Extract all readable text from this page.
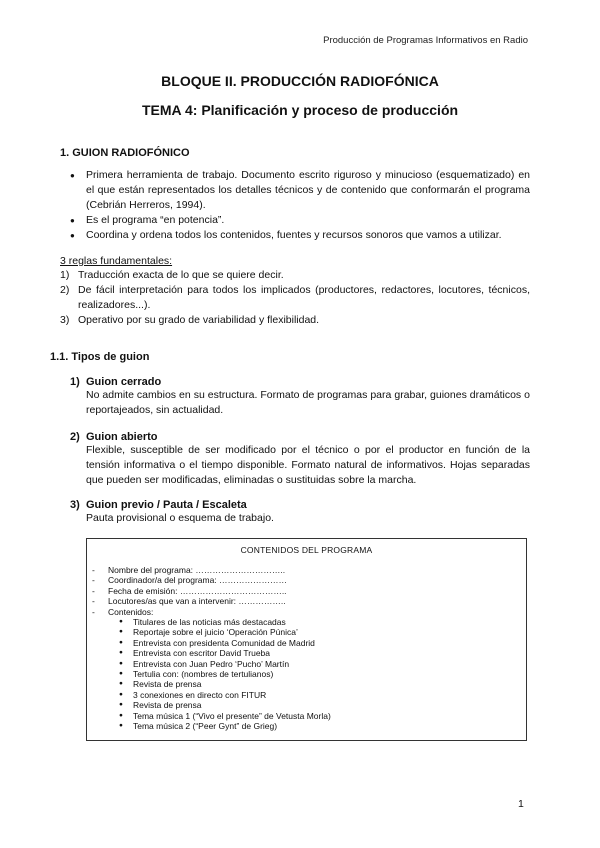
Producción de Programas Informativos en Radio
BLOQUE II. PRODUCCIÓN RADIOFÓNICA
TEMA 4: Planificación y proceso de producción
1. GUION RADIOFÓNICO
● Primera herramienta de trabajo. Documento escrito riguroso y minucioso (esquematizado) en el que están representados los detalles técnicos y de contenido que conformarán el programa (Cebrián Herreros, 1994).
● Es el programa “en potencia”.
● Coordina y ordena todos los contenidos, fuentes y recursos sonoros que vamos a utilizar.
3 reglas fundamentales:
1) Traducción exacta de lo que se quiere decir.
2) De fácil interpretación para todos los implicados (productores, redactores, locutores, técnicos, realizadores...).
3) Operativo por su grado de variabilidad y flexibilidad.
1.1. Tipos de guion
1) Guion cerrado
No admite cambios en su estructura. Formato de programas para grabar, guiones dramáticos o reportajeados, sin actualidad.
2) Guion abierto
Flexible, susceptible de ser modificado por el técnico o por el productor en función de la tensión informativa o el tiempo disponible. Formato natural de informativos. Hojas separadas que pueden ser modificadas, eliminadas o sustituidas sobre la marcha.
3) Guion previo / Pauta / Escaleta
Pauta provisional o esquema de trabajo.
CONTENIDOS DEL PROGRAMA
- Nombre del programa: …………………………..
- Coordinador/a del programa: ……………………
- Fecha de emisión: ………………………………..
- Locutores/as que van a intervenir: ……………..
- Contenidos:
● Titulares de las noticias más destacadas
● Reportaje sobre el juicio ‘Operación Púnica’
● Entrevista con presidenta Comunidad de Madrid
● Entrevista con escritor David Trueba
● Entrevista con Juan Pedro ‘Pucho’ Martín
● Tertulia con: (nombres de tertulianos)
● Revista de prensa
● 3 conexiones en directo con FITUR
● Revista de prensa
● Tema música 1 (“Vivo el presente” de Vetusta Morla)
● Tema música 2 (“Peer Gynt” de Grieg)
1
